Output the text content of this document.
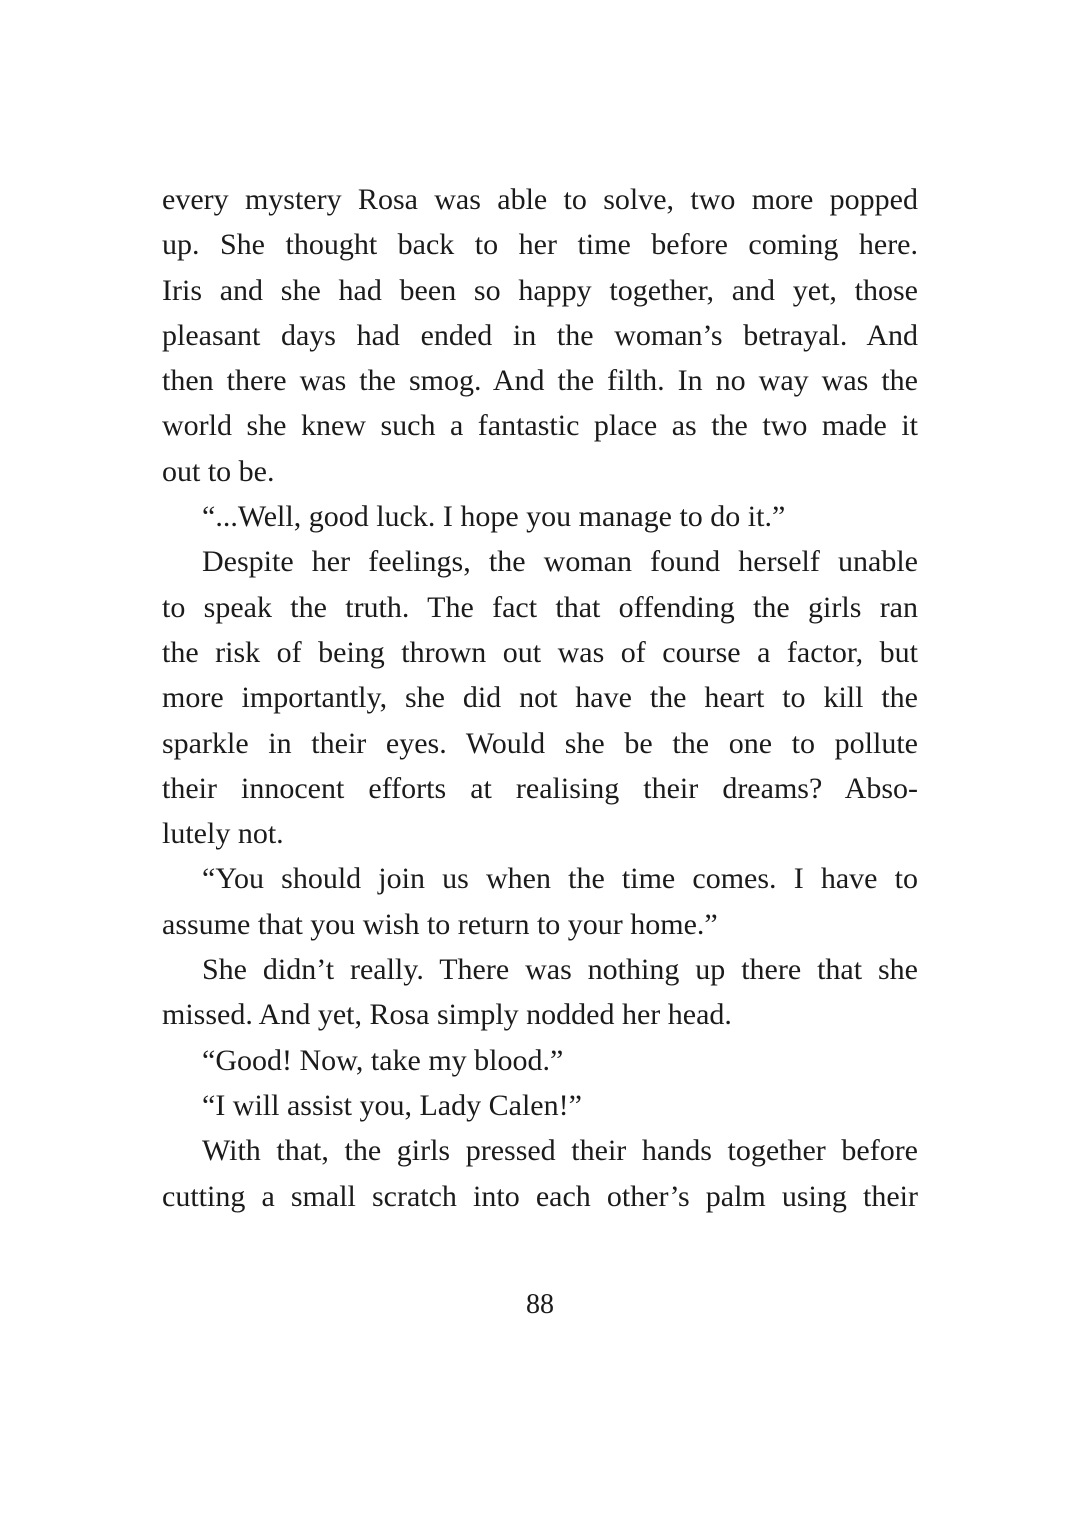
every mystery Rosa was able to solve, two more popped
up. She thought back to her time before coming here.
Iris and she had been so happy together, and yet, those
pleasant days had ended in the woman’s betrayal. And
then there was the smog. And the filth. In no way was the
world she knew such a fantastic place as the two made it
out to be.
“...Well, good luck. I hope you manage to do it.”
Despite her feelings, the woman found herself unable
to speak the truth. The fact that offending the girls ran
the risk of being thrown out was of course a factor, but
more importantly, she did not have the heart to kill the
sparkle in their eyes. Would she be the one to pollute
their innocent efforts at realising their dreams? Abso-
lutely not.
“You should join us when the time comes. I have to
assume that you wish to return to your home.”
She didn’t really. There was nothing up there that she
missed. And yet, Rosa simply nodded her head.
“Good! Now, take my blood.”
“I will assist you, Lady Calen!”
With that, the girls pressed their hands together before
cutting a small scratch into each other’s palm using their
88
